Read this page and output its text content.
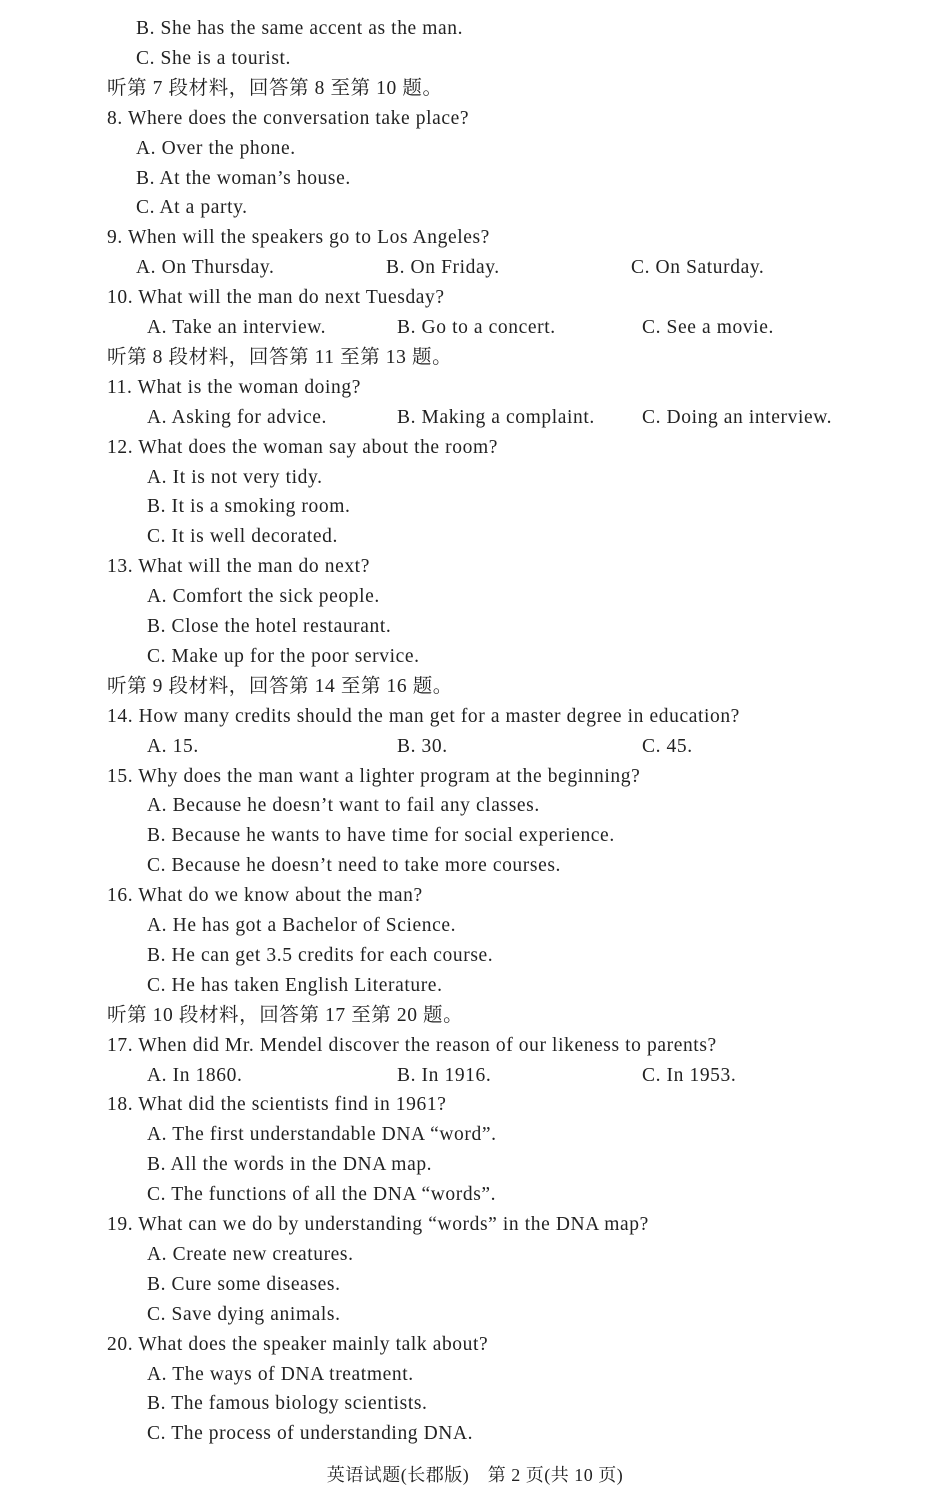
B. She has the same accent as the man.
C. She is a tourist.
听第 7 段材料，回答第 8 至第 10 题。
8. Where does the conversation take place?
A. Over the phone.
B. At the woman’s house.
C. At a party.
9. When will the speakers go to Los Angeles?
A. On Thursday.	B. On Friday.	C. On Saturday.
10. What will the man do next Tuesday?
A. Take an interview.	B. Go to a concert.	C. See a movie.
听第 8 段材料，回答第 11 至第 13 题。
11. What is the woman doing?
A. Asking for advice.	B. Making a complaint. C. Doing an interview.
12. What does the woman say about the room?
A. It is not very tidy.
B. It is a smoking room.
C. It is well decorated.
13. What will the man do next?
A. Comfort the sick people.
B. Close the hotel restaurant.
C. Make up for the poor service.
听第 9 段材料，回答第 14 至第 16 题。
14. How many credits should the man get for a master degree in education?
A. 15.	B. 30.	C. 45.
15. Why does the man want a lighter program at the beginning?
A. Because he doesn’t want to fail any classes.
B. Because he wants to have time for social experience.
C. Because he doesn’t need to take more courses.
16. What do we know about the man?
A. He has got a Bachelor of Science.
B. He can get 3.5 credits for each course.
C. He has taken English Literature.
听第 10 段材料，回答第 17 至第 20 题。
17. When did Mr. Mendel discover the reason of our likeness to parents?
A. In 1860.	B. In 1916.	C. In 1953.
18. What did the scientists find in 1961?
A. The first understandable DNA “word”.
B. All the words in the DNA map.
C. The functions of all the DNA “words”.
19. What can we do by understanding “words” in the DNA map?
A. Create new creatures.
B. Cure some diseases.
C. Save dying animals.
20. What does the speaker mainly talk about?
A. The ways of DNA treatment.
B. The famous biology scientists.
C. The process of understanding DNA.
英语试题(长郡版)　第 2 页(共 10 页)
